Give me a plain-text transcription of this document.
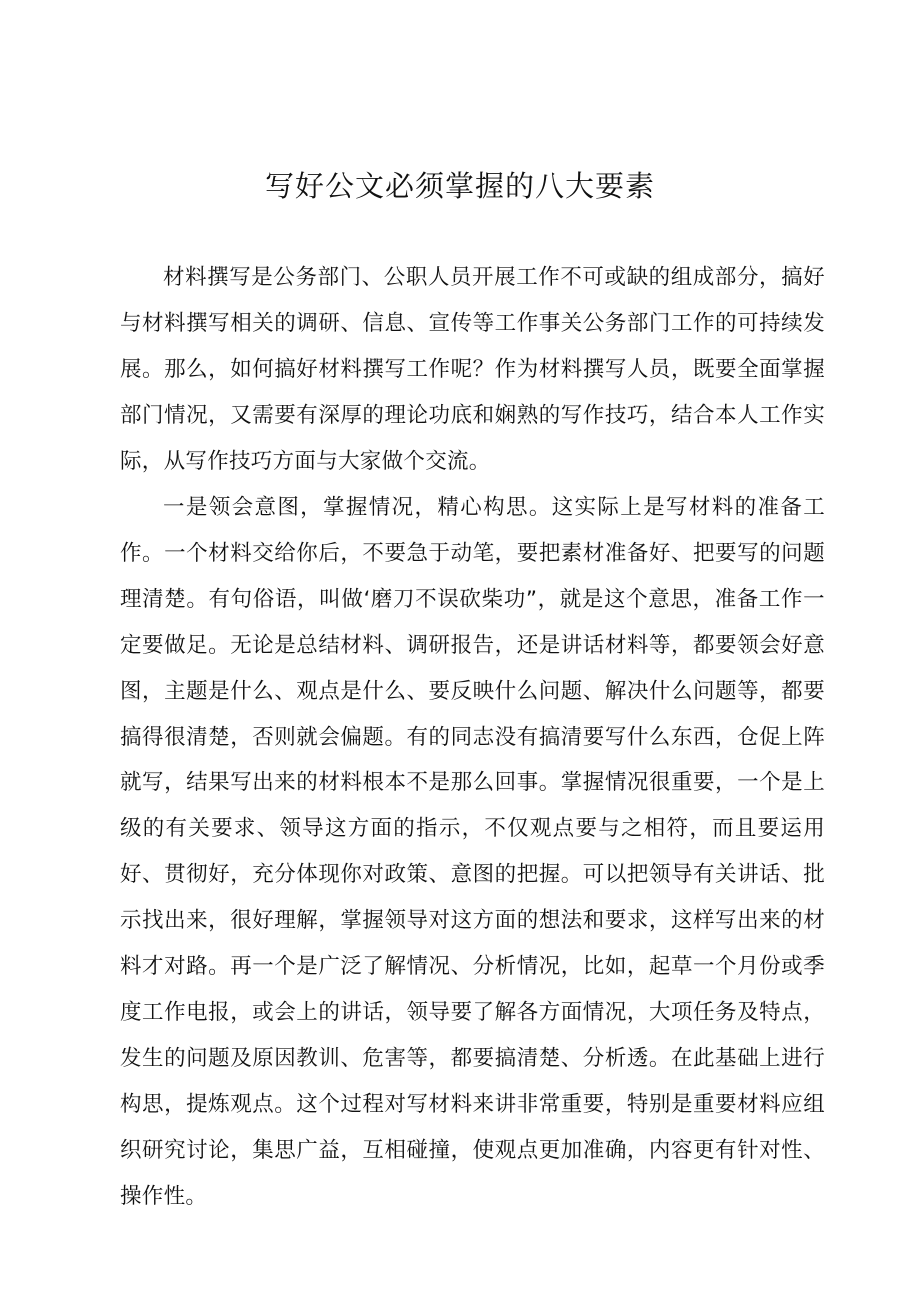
写好公文必须掌握的八大要素

材料撰写是公务部门、公职人员开展工作不可或缺的组成部分，搞好与材料撰写相关的调研、信息、宣传等工作事关公务部门工作的可持续发展。那么，如何搞好材料撰写工作呢？作为材料撰写人员，既要全面掌握部门情况，又需要有深厚的理论功底和娴熟的写作技巧，结合本人工作实际，从写作技巧方面与大家做个交流。

一是领会意图，掌握情况，精心构思。这实际上是写材料的准备工作。一个材料交给你后，不要急于动笔，要把素材准备好、把要写的问题理清楚。有句俗语，叫做‘磨刀不误砍柴功”，就是这个意思，准备工作一定要做足。无论是总结材料、调研报告，还是讲话材料等，都要领会好意图，主题是什么、观点是什么、要反映什么问题、解决什么问题等，都要搞得很清楚，否则就会偏题。有的同志没有搞清要写什么东西，仓促上阵就写，结果写出来的材料根本不是那么回事。掌握情况很重要，一个是上级的有关要求、领导这方面的指示，不仅观点要与之相符，而且要运用好、贯彻好，充分体现你对政策、意图的把握。可以把领导有关讲话、批示找出来，很好理解，掌握领导对这方面的想法和要求，这样写出来的材料才对路。再一个是广泛了解情况、分析情况，比如，起草一个月份或季度工作电报，或会上的讲话，领导要了解各方面情况，大项任务及特点，发生的问题及原因教训、危害等，都要搞清楚、分析透。在此基础上进行构思，提炼观点。这个过程对写材料来讲非常重要，特别是重要材料应组织研究讨论，集思广益，互相碰撞，使观点更加准确，内容更有针对性、操作性。
